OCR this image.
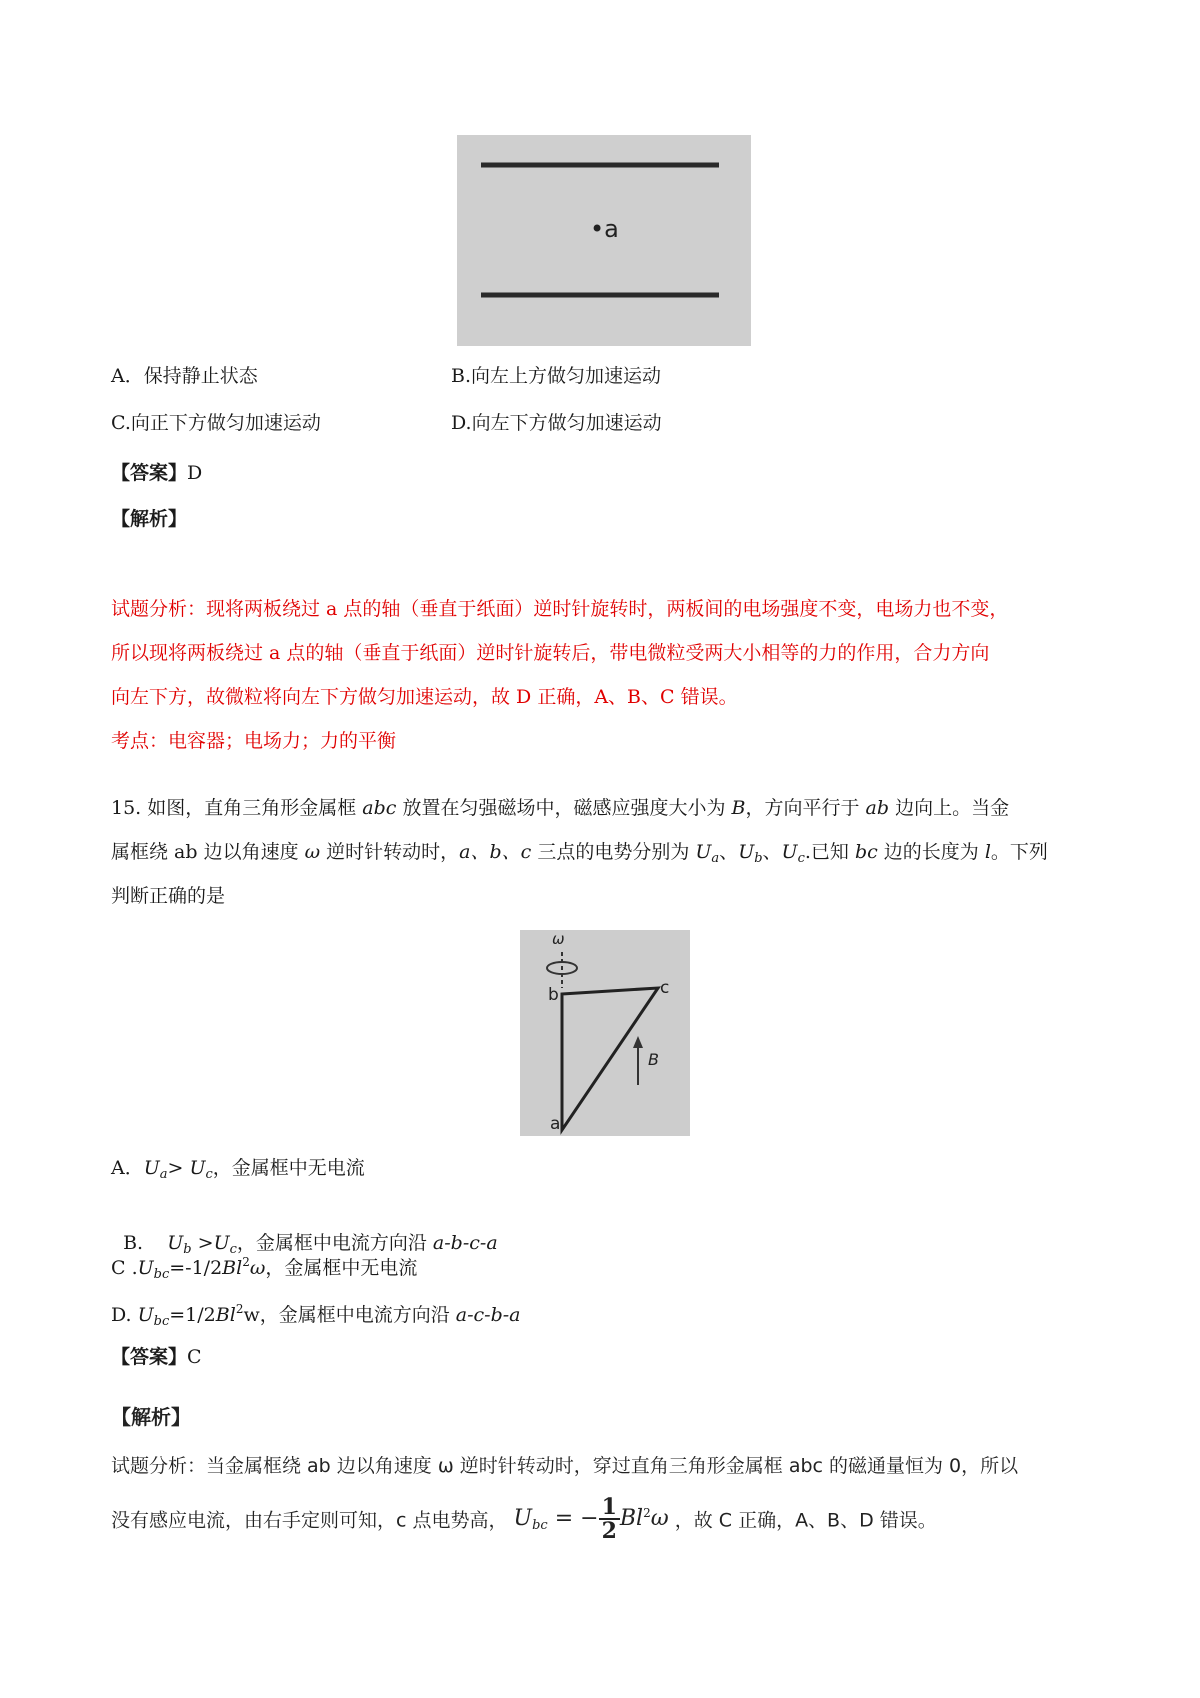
•a
A．保持静止状态	B.向左上方做匀加速运动
C.向正下方做匀加速运动	D.向左下方做匀加速运动
【答案】D
【解析】
试题分析：现将两板绕过 a 点的轴（垂直于纸面）逆时针旋转时，两板间的电场强度不变，电场力也不变，
所以现将两板绕过 a 点的轴（垂直于纸面）逆时针旋转后，带电微粒受两大小相等的力的作用，合力方向
向左下方，故微粒将向左下方做匀加速运动，故 D 正确，A、B、C 错误。
考点：电容器；电场力；力的平衡
15. 如图，直角三角形金属框 abc 放置在匀强磁场中，磁感应强度大小为 B，方向平行于 ab 边向上。当金
属框绕 ab 边以角速度 ω 逆时针转动时，a、b、c 三点的电势分别为 $U_a$、$U_b$、$U_c$.已知 bc 边的长度为 l。下列
判断正确的是
ω
b	c
a
B
A．$U_a> U_c$，金属框中无电流

B.    $U_b >U_c$，金属框中电流方向沿 a-b-c-a

C $.U_{bc}=-1/2Bl^2\omega$，金属框中无电流
D. $U_{bc}=1/2Bl^2w$，金属框中电流方向沿 a-c-b-a
【答案】C
【解析】
试题分析：当金属框绕 ab 边以角速度 ω 逆时针转动时，穿过直角三角形金属框 abc 的磁通量恒为 0，所以
没有感应电流，由右手定则可知，c 点电势高， $U_{bc}$ = − $\frac{1}{2} Bl^2\omega$ ，故 C 正确，A、B、D 错误。
